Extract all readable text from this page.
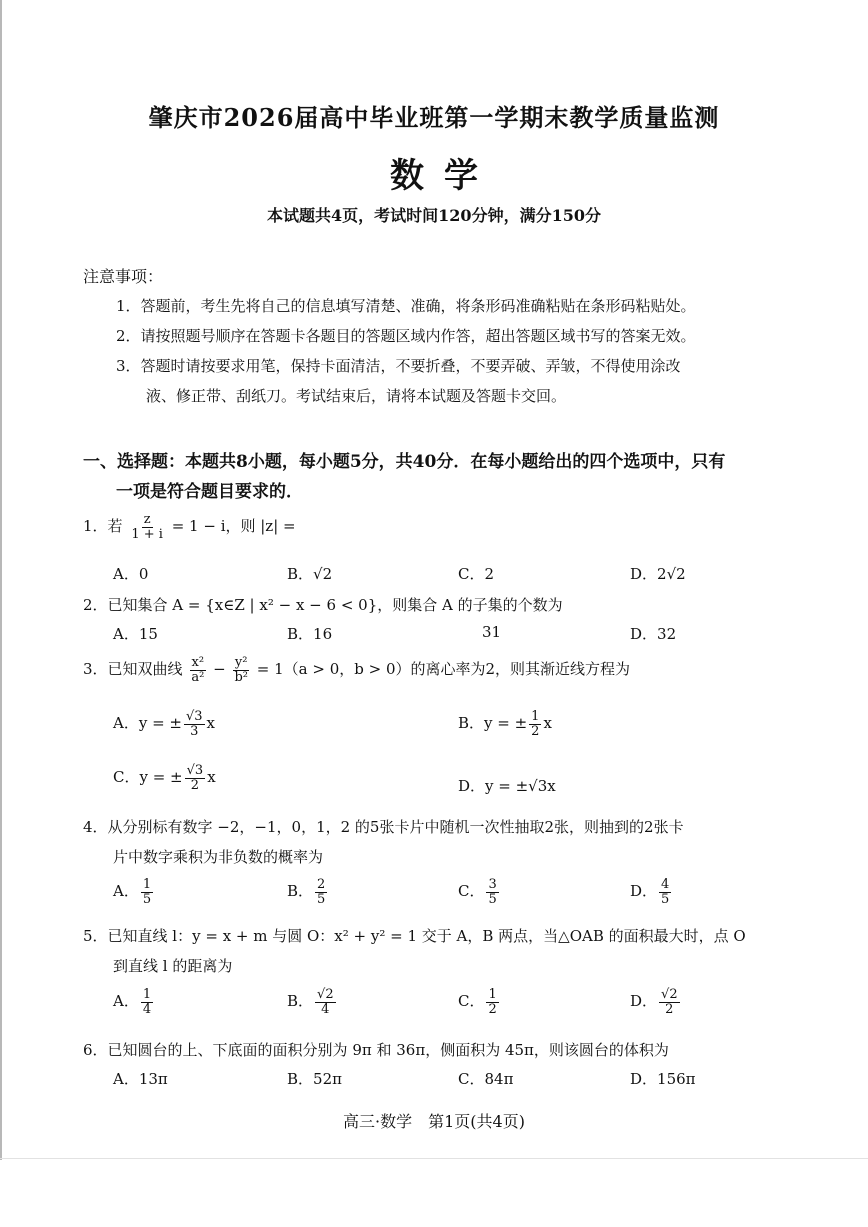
肇庆市2026届高中毕业班第一学期末教学质量监测
数学
本试题共4页，考试时间120分钟，满分150分
注意事项：
1．答题前，考生先将自己的信息填写清楚、准确，将条形码准确粘贴在条形码粘贴处。
2．请按照题号顺序在答题卡各题目的答题区域内作答，超出答题区域书写的答案无效。
3．答题时请按要求用笔，保持卡面清洁，不要折叠，不要弄破、弄皱，不得使用涂改
液、修正带、刮纸刀。考试结束后，请将本试题及答题卡交回。
一、选择题：本题共8小题，每小题5分，共40分．在每小题给出的四个选项中，只有
一项是符合题目要求的．
1．若 $\frac{z}{1 + i} = 1 - i$，则 |z| =
A．0	B．√2	C．2	D．2√2
2．已知集合 A = {x∈Z | x² − x − 6 < 0}，则集合 A 的子集的个数为
A．15	B．16	31	D．32
3．已知双曲线 $\frac{\text{x²}}{\text{a²}} - \frac{\text{y²}}{\text{b²}} = 1(a > 0$，b > 0）的离心率为2，则其渐近线方程为
A．y = ± $\frac{√3}{3}$ x	B．y = ± $\frac{1}{2}$ x
C．y = ± $\frac{√3}{2}$ x	D．y = ±√3x
4．从分别标有数字 −2，−1，0，1，2 的5张卡片中随机一次性抽取2张，则抽到的2张卡
片中数字乘积为非负数的概率为
A． $\frac{1}{5}$	B． $\frac{2}{5}$	C． $\frac{3}{5}$	D． $\frac{4}{5}$
5．已知直线 l：y = x + m 与圆 O：x² + y² = 1 交于 A，B 两点，当△OAB 的面积最大时，点 O
到直线 l 的距离为
A． $\frac{1}{4}$	B． $\frac{√2}{4}$	C． $\frac{1}{2}$	D． $\frac{√2}{2}$
6．已知圆台的上、下底面的面积分别为 9π 和 36π，侧面积为 45π，则该圆台的体积为
A．13π	B．52π	C．84π	D．156π
高三·数学　第1页(共4页)
